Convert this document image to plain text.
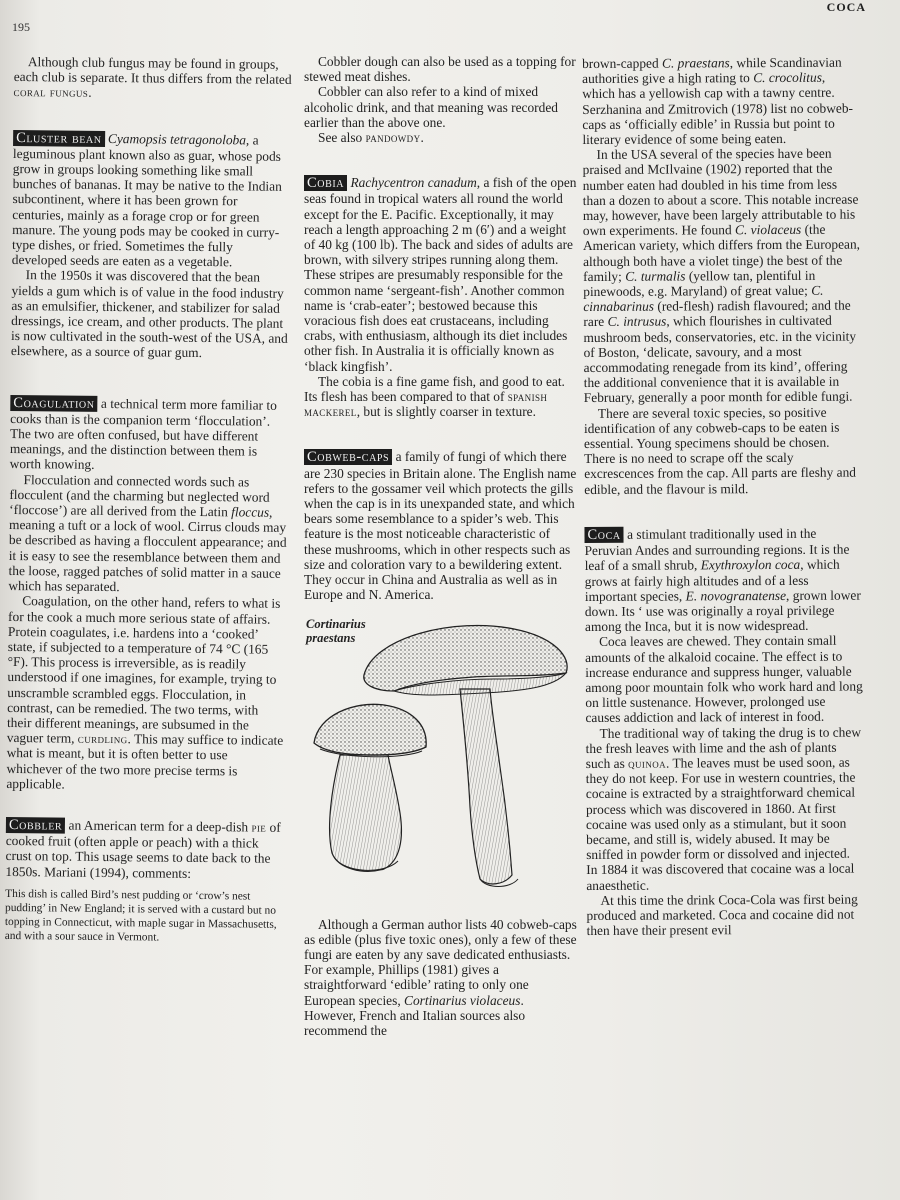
195
COCA

Although club fungus may be found in groups, each club is separate. It thus differs from the related coral fungus.

Cluster bean Cyamopsis tetragonoloba, a leguminous plant known also as guar, whose pods grow in groups looking something like small bunches of bananas. It may be native to the Indian subcontinent, where it has been grown for centuries, mainly as a forage crop or for green manure. The young pods may be cooked in curry-type dishes, or fried. Sometimes the fully developed seeds are eaten as a vegetable.

In the 1950s it was discovered that the bean yields a gum which is of value in the food industry as an emulsifier, thickener, and stabilizer for salad dressings, ice cream, and other products. The plant is now cultivated in the south-west of the USA, and elsewhere, as a source of guar gum.

Coagulation a technical term more familiar to cooks than is the companion term ‘flocculation’. The two are often confused, but have different meanings, and the distinction between them is worth knowing.

Flocculation and connected words such as flocculent (and the charming but neglected word ‘floccose’) are all derived from the Latin floccus, meaning a tuft or a lock of wool. Cirrus clouds may be described as having a flocculent appearance; and it is easy to see the resemblance between them and the loose, ragged patches of solid matter in a sauce which has separated.

Coagulation, on the other hand, refers to what is for the cook a much more serious state of affairs. Protein coagulates, i.e. hardens into a ‘cooked’ state, if subjected to a temperature of 74 °C (165 °F). This process is irreversible, as is readily understood if one imagines, for example, trying to unscramble scrambled eggs. Flocculation, in contrast, can be remedied. The two terms, with their different meanings, are subsumed in the vaguer term, curdling. This may suffice to indicate what is meant, but it is often better to use whichever of the two more precise terms is applicable.

Cobbler an American term for a deep-dish pie of cooked fruit (often apple or peach) with a thick crust on top. This usage seems to date back to the 1850s. Mariani (1994), comments:

This dish is called Bird’s nest pudding or ‘crow’s nest pudding’ in New England; it is served with a custard but no topping in Connecticut, with maple sugar in Massachusetts, and with a sour sauce in Vermont.

Cobbler dough can also be used as a topping for stewed meat dishes.

Cobbler can also refer to a kind of mixed alcoholic drink, and that meaning was recorded earlier than the above one.

See also pandowdy.

Cobia Rachycentron canadum, a fish of the open seas found in tropical waters all round the world except for the E. Pacific. Exceptionally, it may reach a length approaching 2 m (6′) and a weight of 40 kg (100 lb). The back and sides of adults are brown, with silvery stripes running along them. These stripes are presumably responsible for the common name ‘sergeant-fish’. Another common name is ‘crab-eater’; bestowed because this voracious fish does eat crustaceans, including crabs, with enthusiasm, although its diet includes other fish. In Australia it is officially known as ‘black kingfish’.

The cobia is a fine game fish, and good to eat. Its flesh has been compared to that of spanish mackerel, but is slightly coarser in texture.

Cobweb-caps a family of fungi of which there are 230 species in Britain alone. The English name refers to the gossamer veil which protects the gills when the cap is in its unexpanded state, and which bears some resemblance to a spider’s web. This feature is the most noticeable characteristic of these mushrooms, which in other respects such as size and coloration vary to a bewildering extent. They occur in China and Australia as well as in Europe and N. America.

Cortinarius
praestans

Although a German author lists 40 cobweb-caps as edible (plus five toxic ones), only a few of these fungi are eaten by any save dedicated enthusiasts. For example, Phillips (1981) gives a straightforward ‘edible’ rating to only one European species, Cortinarius violaceus. However, French and Italian sources also recommend the

brown-capped C. praestans, while Scandinavian authorities give a high rating to C. crocolitus, which has a yellowish cap with a tawny centre. Serzhanina and Zmitrovich (1978) list no cobweb-caps as ‘officially edible’ in Russia but point to literary evidence of some being eaten.

In the USA several of the species have been praised and McIlvaine (1902) reported that the number eaten had doubled in his time from less than a dozen to about a score. This notable increase may, however, have been largely attributable to his own experiments. He found C. violaceus (the American variety, which differs from the European, although both have a violet tinge) the best of the family; C. turmalis (yellow tan, plentiful in pinewoods, e.g. Maryland) of great value; C. cinnabarinus (red-flesh) radish flavoured; and the rare C. intrusus, which flourishes in cultivated mushroom beds, conservatories, etc. in the vicinity of Boston, ‘delicate, savoury, and a most accommodating renegade from its kind’, offering the additional convenience that it is available in February, generally a poor month for edible fungi.

There are several toxic species, so positive identification of any cobweb-caps to be eaten is essential. Young specimens should be chosen. There is no need to scrape off the scaly excrescences from the cap. All parts are fleshy and edible, and the flavour is mild.

Coca a stimulant traditionally used in the Peruvian Andes and surrounding regions. It is the leaf of a small shrub, Exythroxylon coca, which grows at fairly high altitudes and of a less important species, E. novogranatense, grown lower down. Its ‘ use was originally a royal privilege among the Inca, but it is now widespread.

Coca leaves are chewed. They contain small amounts of the alkaloid cocaine. The effect is to increase endurance and suppress hunger, valuable among poor mountain folk who work hard and long on little sustenance. However, prolonged use causes addiction and lack of interest in food.

The traditional way of taking the drug is to chew the fresh leaves with lime and the ash of plants such as quinoa. The leaves must be used soon, as they do not keep. For use in western countries, the cocaine is extracted by a straightforward chemical process which was discovered in 1860. At first cocaine was used only as a stimulant, but it soon became, and still is, widely abused. It may be sniffed in powder form or dissolved and injected. In 1884 it was discovered that cocaine was a local anaesthetic.

At this time the drink Coca-Cola was first being produced and marketed. Coca and cocaine did not then have their present evil
